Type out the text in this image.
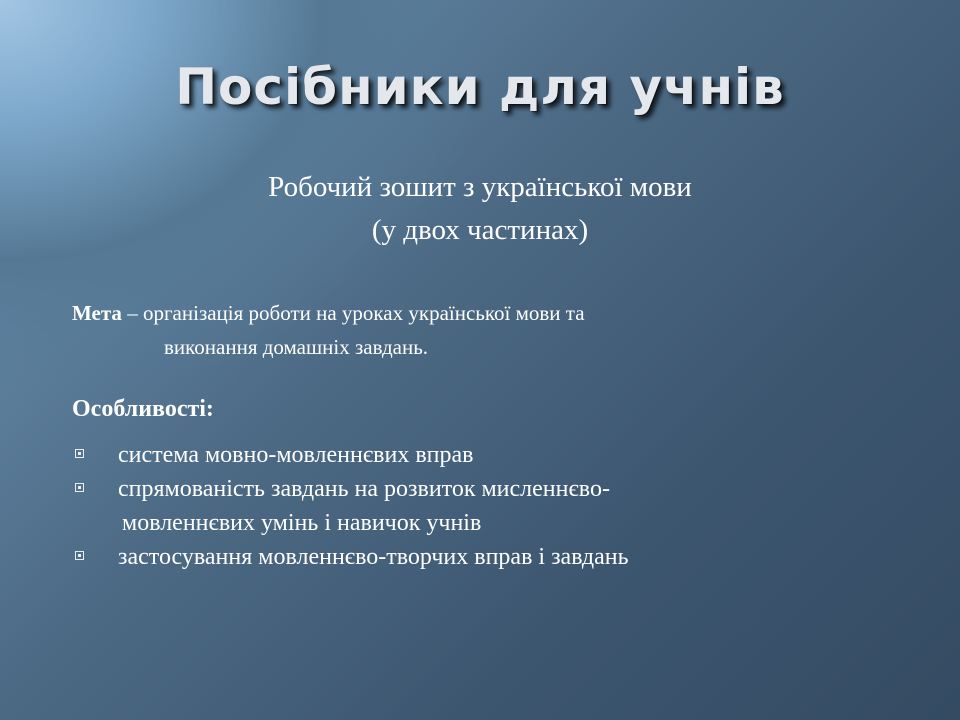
Посібники для учнів

Робочий зошит з української мови

(у двох частинах)

Мета – організація роботи на уроках української мови та
виконання домашніх завдань.

Особливості:

система мовно-мовленнєвих вправ
спрямованість завдань на розвиток мисленнєво-
мовленнєвих умінь і навичок учнів
застосування мовленнєво-творчих вправ і завдань
